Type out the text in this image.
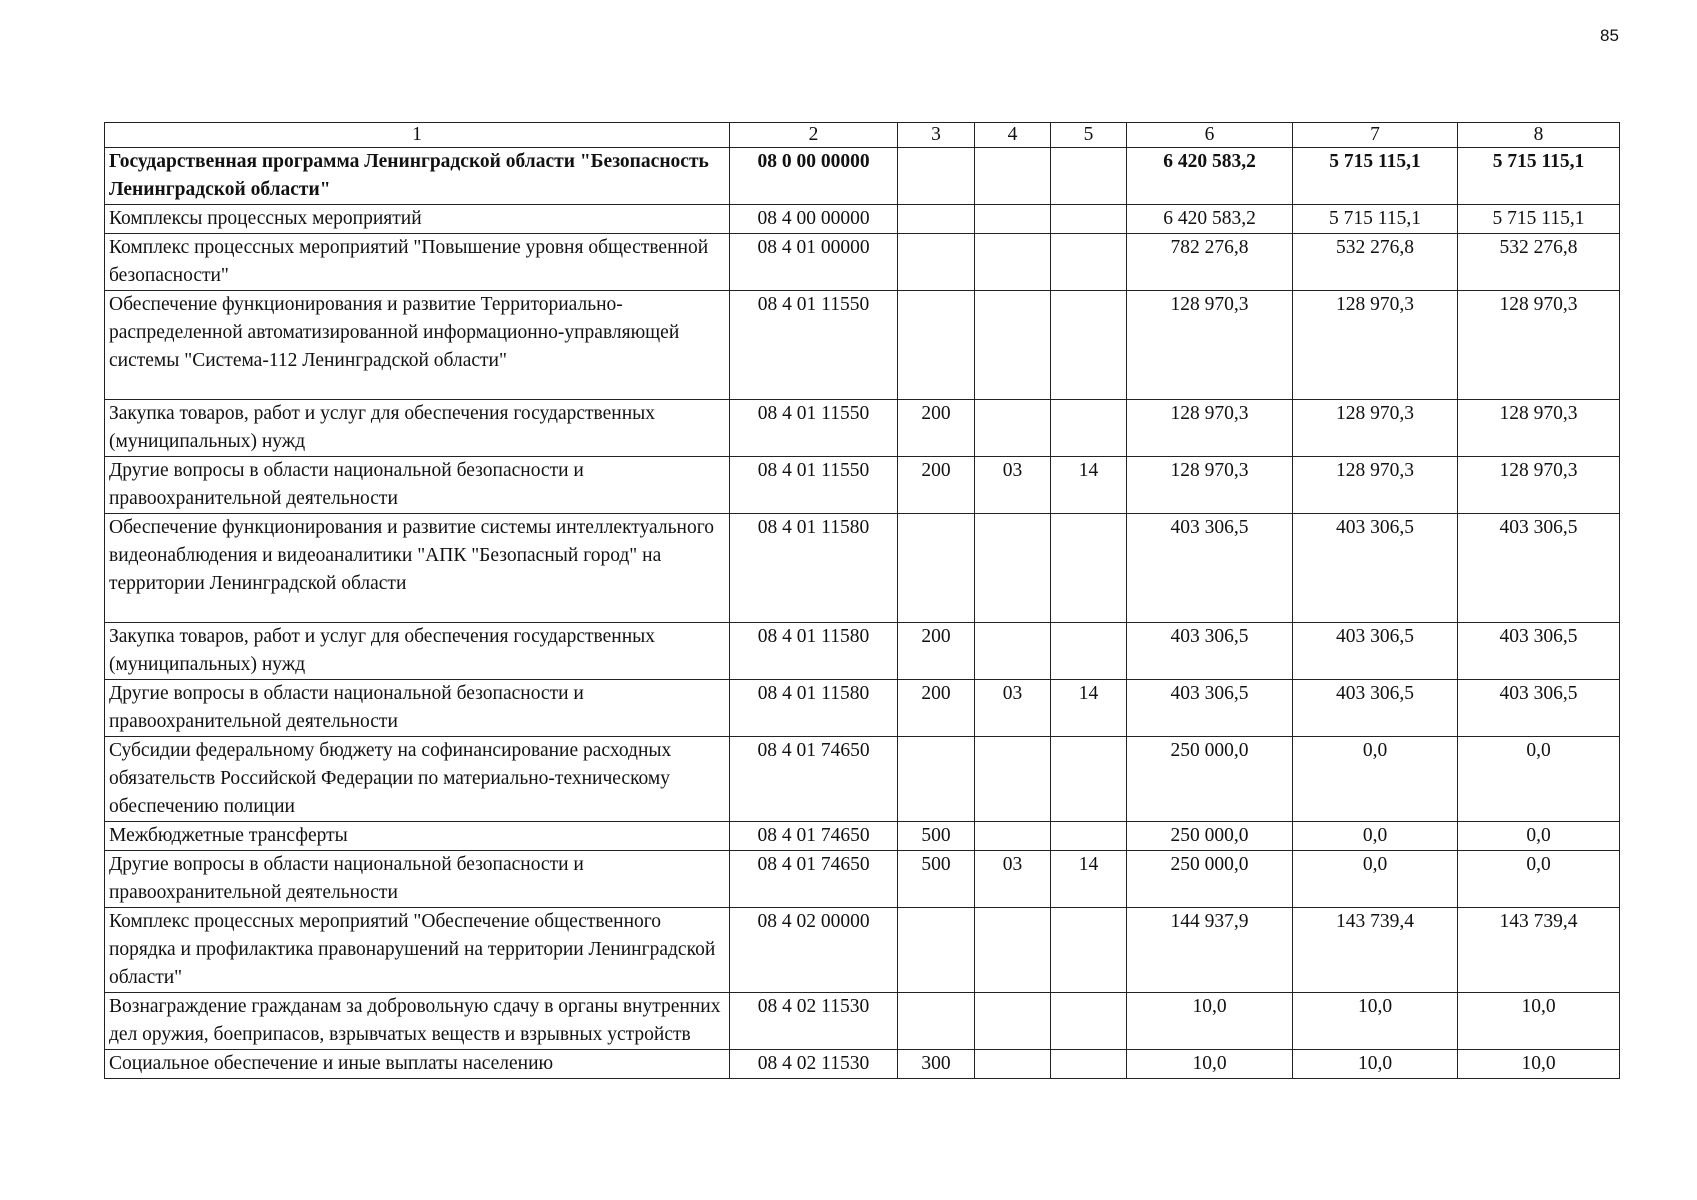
85
1	2	3	4	5	6	7	8
Государственная программа Ленинградской области "Безопасность Ленинградской области"	08 0 00 00000				6 420 583,2	5 715 115,1	5 715 115,1
Комплексы процессных мероприятий	08 4 00 00000				6 420 583,2	5 715 115,1	5 715 115,1
Комплекс процессных мероприятий "Повышение уровня общественной безопасности"	08 4 01 00000				782 276,8	532 276,8	532 276,8
Обеспечение функционирования и развитие Территориально-распределенной автоматизированной информационно-управляющей системы "Система-112 Ленинградской области"	08 4 01 11550				128 970,3	128 970,3	128 970,3
Закупка товаров, работ и услуг для обеспечения государственных (муниципальных) нужд	08 4 01 11550	200			128 970,3	128 970,3	128 970,3
Другие вопросы в области национальной безопасности и правоохранительной деятельности	08 4 01 11550	200	03	14	128 970,3	128 970,3	128 970,3
Обеспечение функционирования и развитие системы интеллектуального видеонаблюдения и видеоаналитики "АПК "Безопасный город" на территории Ленинградской области	08 4 01 11580				403 306,5	403 306,5	403 306,5
Закупка товаров, работ и услуг для обеспечения государственных (муниципальных) нужд	08 4 01 11580	200			403 306,5	403 306,5	403 306,5
Другие вопросы в области национальной безопасности и правоохранительной деятельности	08 4 01 11580	200	03	14	403 306,5	403 306,5	403 306,5
Субсидии федеральному бюджету на софинансирование расходных обязательств Российской Федерации по материально-техническому обеспечению полиции	08 4 01 74650				250 000,0	0,0	0,0
Межбюджетные трансферты	08 4 01 74650	500			250 000,0	0,0	0,0
Другие вопросы в области национальной безопасности и правоохранительной деятельности	08 4 01 74650	500	03	14	250 000,0	0,0	0,0
Комплекс процессных мероприятий "Обеспечение общественного порядка и профилактика правонарушений на территории Ленинградской области"	08 4 02 00000				144 937,9	143 739,4	143 739,4
Вознаграждение гражданам за добровольную сдачу в органы внутренних дел оружия, боеприпасов, взрывчатых веществ и взрывных устройств	08 4 02 11530				10,0	10,0	10,0
Социальное обеспечение и иные выплаты населению	08 4 02 11530	300			10,0	10,0	10,0
